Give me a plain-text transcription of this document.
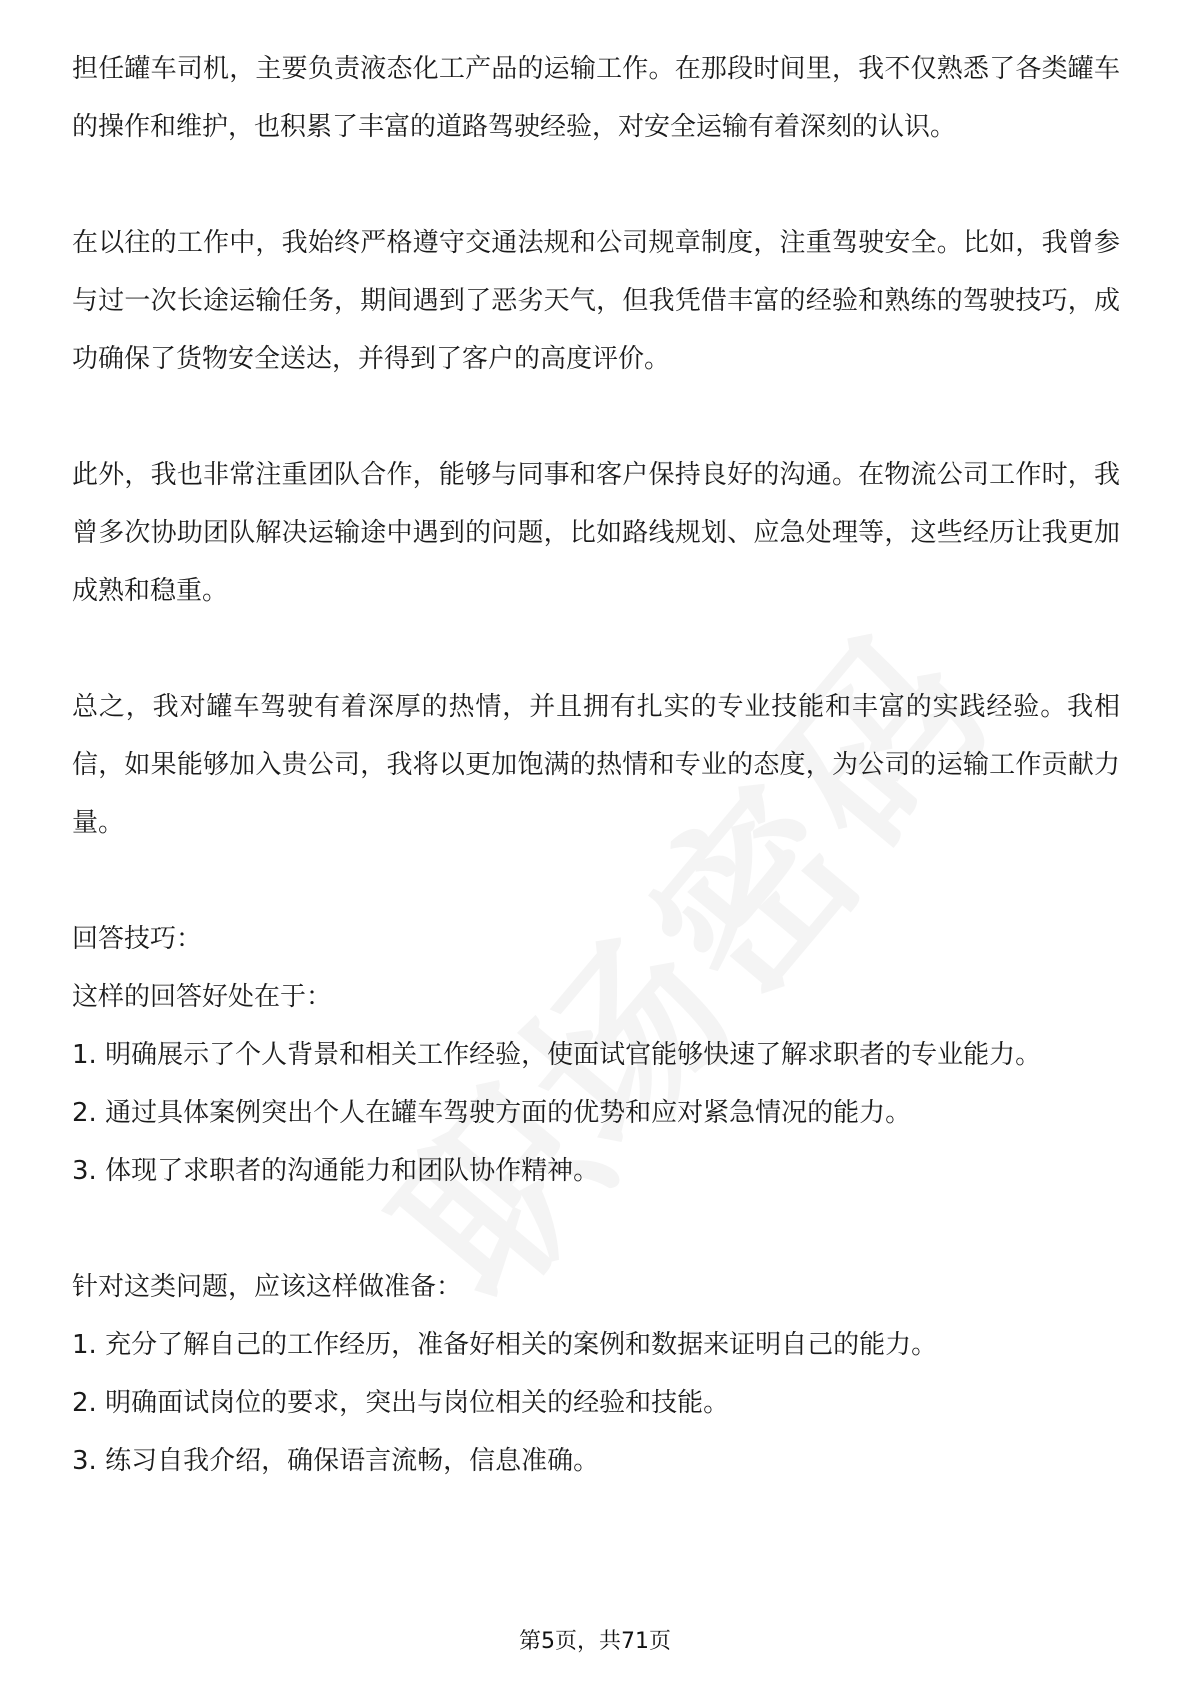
担任罐车司机，主要负责液态化工产品的运输工作。在那段时间里，我不仅熟悉了各类罐车的操作和维护，也积累了丰富的道路驾驶经验，对安全运输有着深刻的认识。

在以往的工作中，我始终严格遵守交通法规和公司规章制度，注重驾驶安全。比如，我曾参与过一次长途运输任务，期间遇到了恶劣天气，但我凭借丰富的经验和熟练的驾驶技巧，成功确保了货物安全送达，并得到了客户的高度评价。

此外，我也非常注重团队合作，能够与同事和客户保持良好的沟通。在物流公司工作时，我曾多次协助团队解决运输途中遇到的问题，比如路线规划、应急处理等，这些经历让我更加成熟和稳重。

总之，我对罐车驾驶有着深厚的热情，并且拥有扎实的专业技能和丰富的实践经验。我相信，如果能够加入贵公司，我将以更加饱满的热情和专业的态度，为公司的运输工作贡献力量。

回答技巧：

这样的回答好处在于：

1. 明确展示了个人背景和相关工作经验，使面试官能够快速了解求职者的专业能力。

2. 通过具体案例突出个人在罐车驾驶方面的优势和应对紧急情况的能力。

3. 体现了求职者的沟通能力和团队协作精神。

针对这类问题，应该这样做准备：

1. 充分了解自己的工作经历，准备好相关的案例和数据来证明自己的能力。

2. 明确面试岗位的要求，突出与岗位相关的经验和技能。

3. 练习自我介绍，确保语言流畅，信息准确。

第5页，共71页
